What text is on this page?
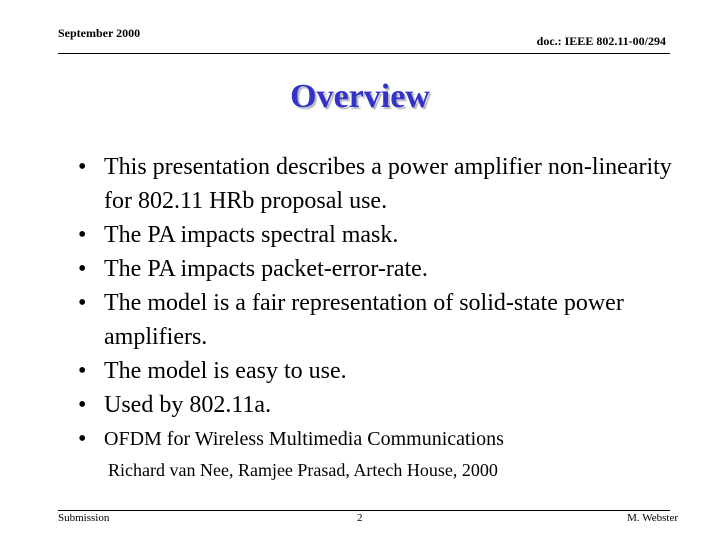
September 2000
doc.: IEEE 802.11-00/294
Overview
• This presentation describes a power amplifier non-linearity for 802.11 HRb proposal use.
• The PA impacts spectral mask.
• The PA impacts packet-error-rate.
• The model is a fair representation of solid-state power amplifiers.
• The model is easy to use.
• Used by 802.11a.
• OFDM for Wireless Multimedia Communications
Richard van Nee, Ramjee Prasad, Artech House, 2000
Submission	2	M. Webster
